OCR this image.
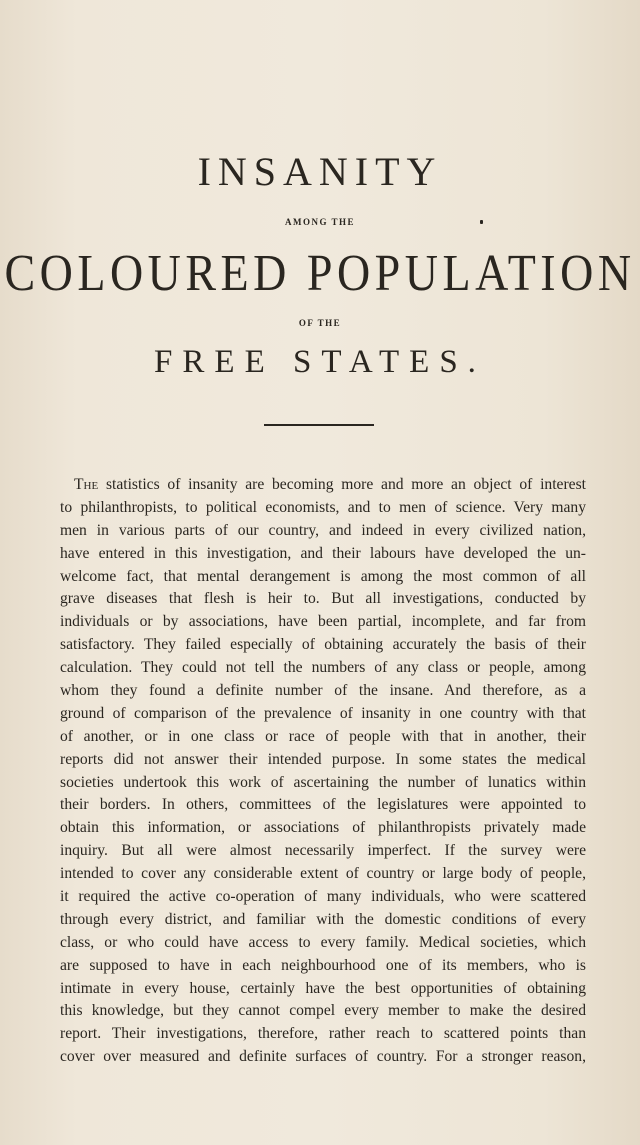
INSANITY
AMONG THE
COLOURED POPULATION
OF THE
FREE STATES.
The statistics of insanity are becoming more and more an object of interest
to philanthropists, to political economists, and to men of science. Very many
men in various parts of our country, and indeed in every civilized nation,
have entered in this investigation, and their labours have developed the un-
welcome fact, that mental derangement is among the most common of all
grave diseases that flesh is heir to. But all investigations, conducted by
individuals or by associations, have been partial, incomplete, and far from
satisfactory. They failed especially of obtaining accurately the basis of their
calculation. They could not tell the numbers of any class or people, among
whom they found a definite number of the insane. And therefore, as a
ground of comparison of the prevalence of insanity in one country with that
of another, or in one class or race of people with that in another, their
reports did not answer their intended purpose. In some states the medical
societies undertook this work of ascertaining the number of lunatics within
their borders. In others, committees of the legislatures were appointed to
obtain this information, or associations of philanthropists privately made
inquiry. But all were almost necessarily imperfect. If the survey were
intended to cover any considerable extent of country or large body of people,
it required the active co-operation of many individuals, who were scattered
through every district, and familiar with the domestic conditions of every
class, or who could have access to every family. Medical societies, which
are supposed to have in each neighbourhood one of its members, who is
intimate in every house, certainly have the best opportunities of obtaining
this knowledge, but they cannot compel every member to make the desired
report. Their investigations, therefore, rather reach to scattered points than
cover over measured and definite surfaces of country. For a stronger reason,
